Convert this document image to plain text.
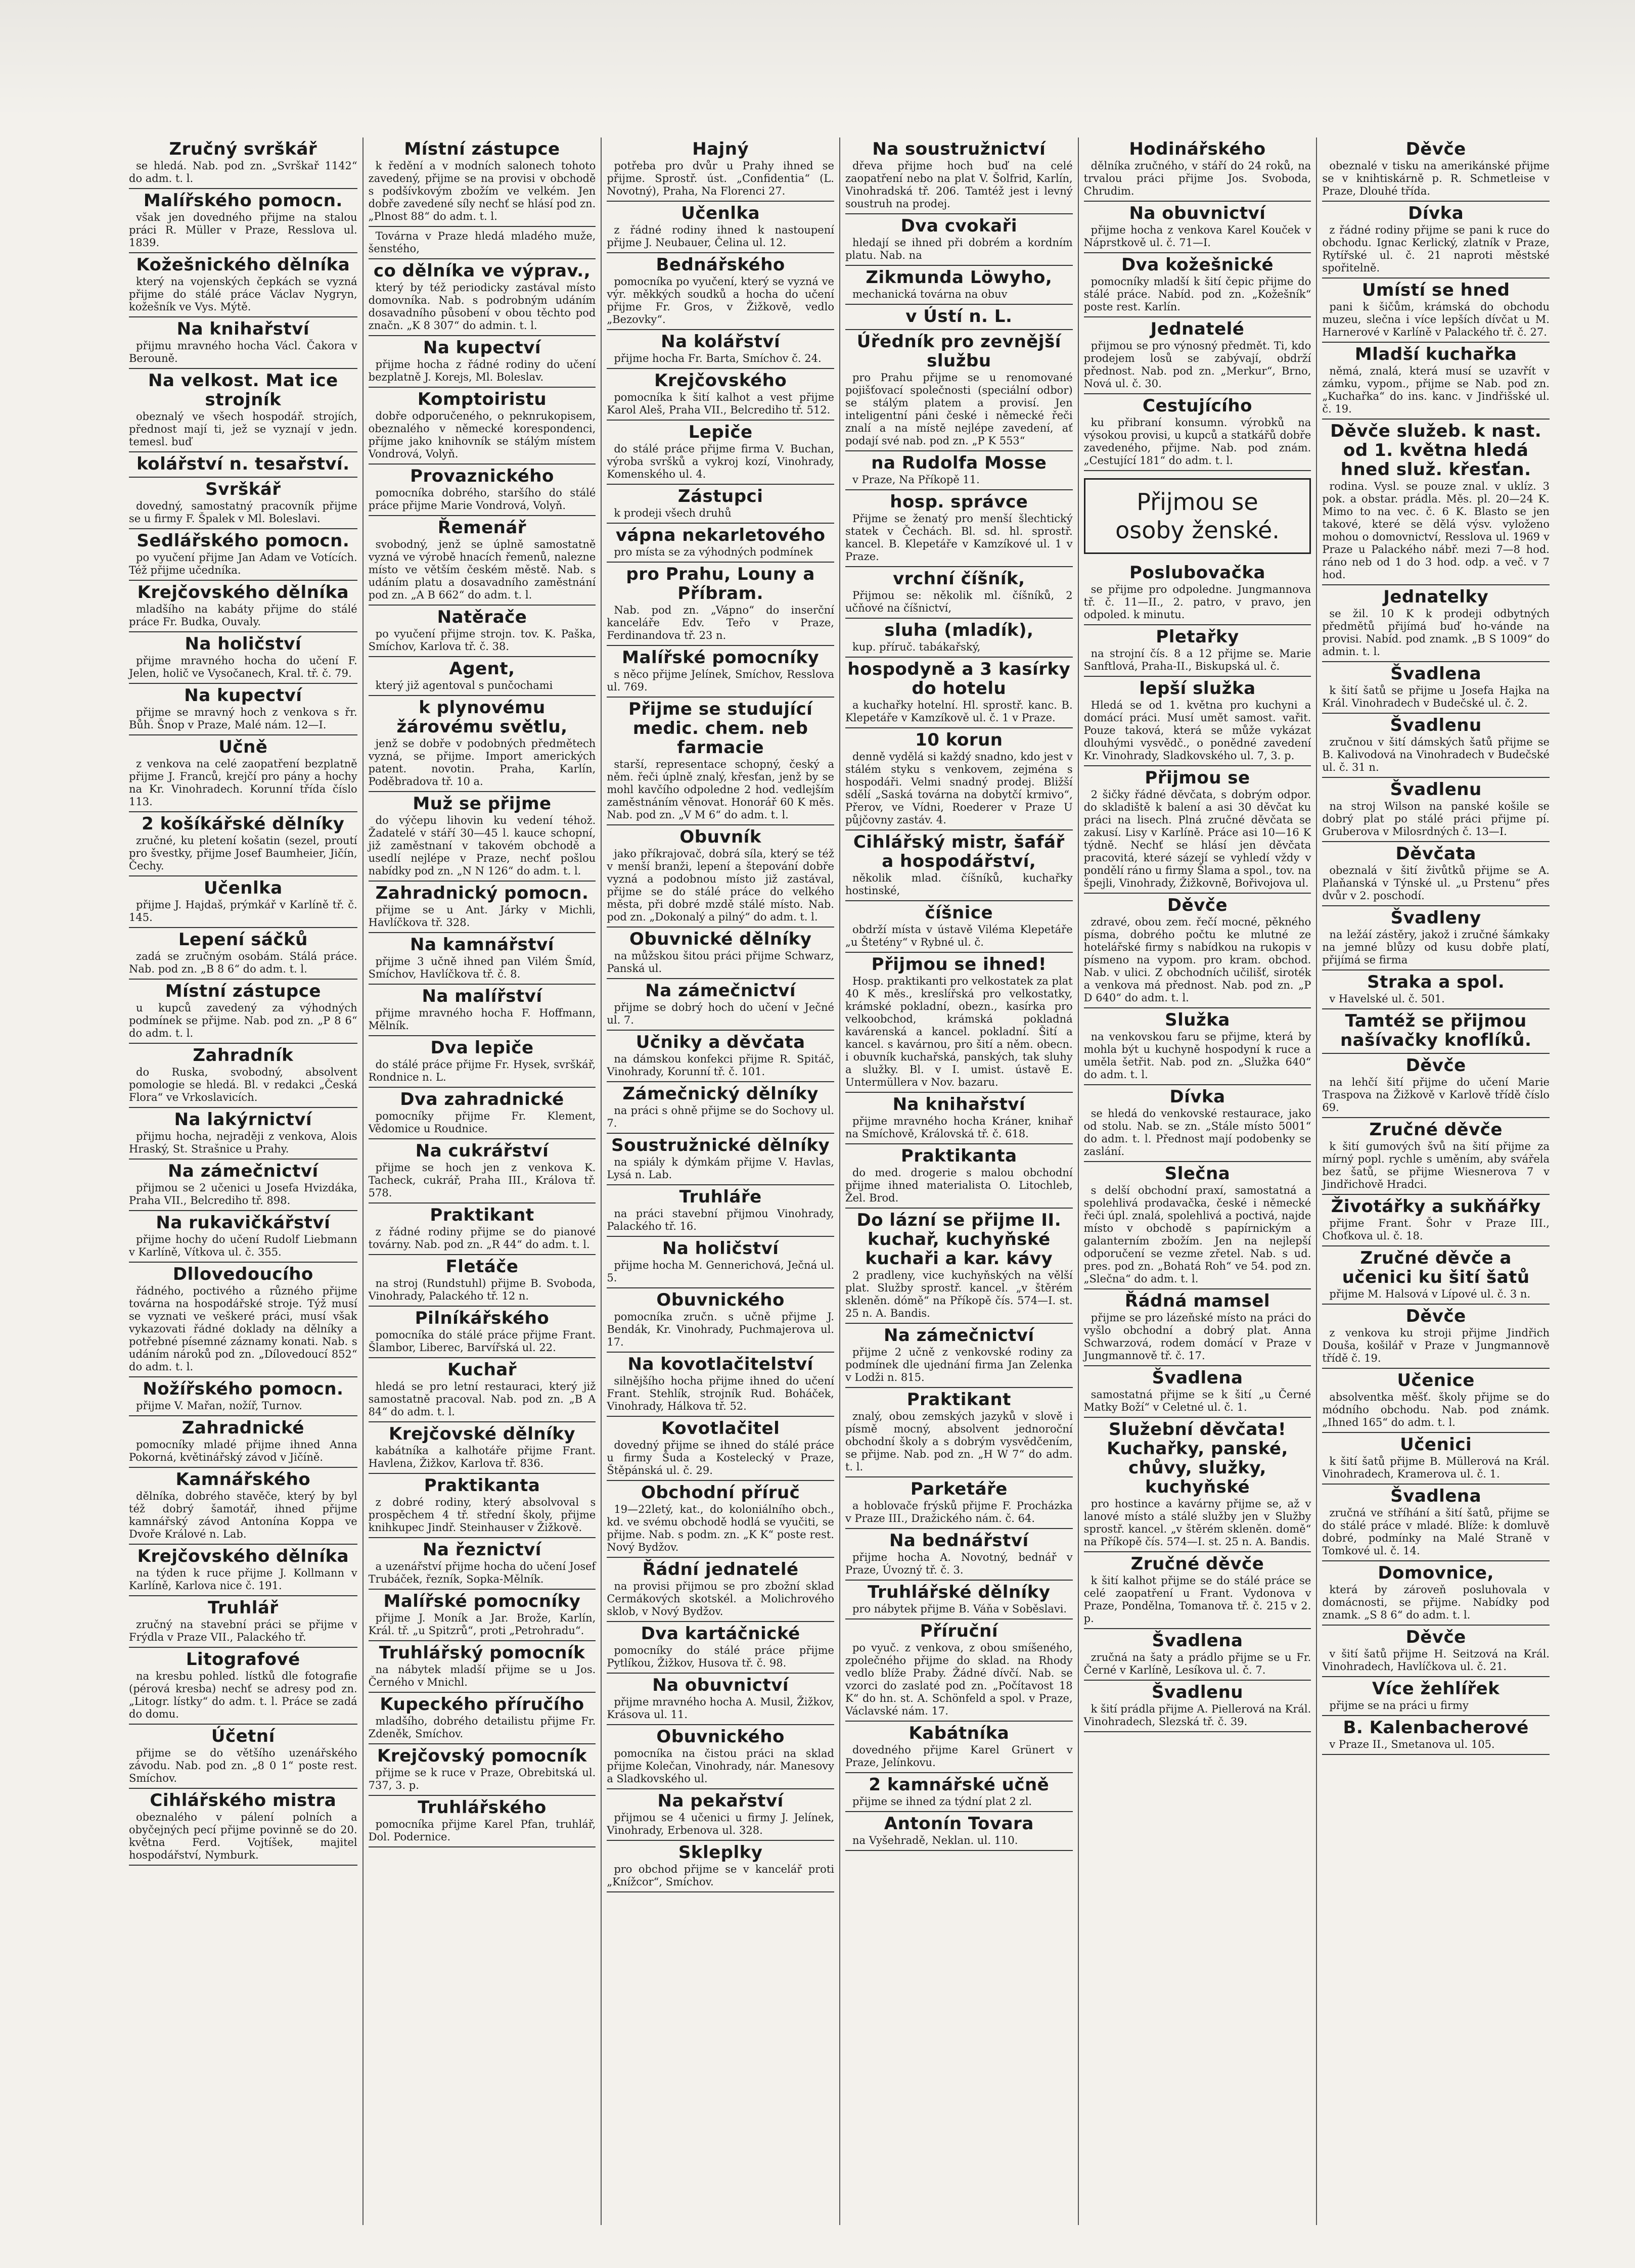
Zručný svrškář

se hledá. Nab. pod zn. „Svrškař 1142“ do adm. t. l.

Malířského pomocn.

však jen dovedného přijme na stalou práci R. Müller v Praze, Resslova ul. 1839.

Kožešnického dělníka

který na vojenských čepkách se vyzná přijme do stálé práce Václav Nygryn, kožešník ve Vys. Mýtě.

Na knihařství

přijmu mravného hocha Václ. Čakora v Berouně.

Na velkost. Mat ice strojník

obeznalý ve všech hospodář. strojích, přednost mají ti, jež se vyznají v jedn. temesl. buď

kolářství n. tesařství.
Svrškář

dovedný, samostatný pracovník přijme se u firmy F. Špalek v Ml. Boleslavi.

Sedlářského pomocn.

po vyučení přijme Jan Adam ve Votících. Též přijme učedníka.

Krejčovského dělníka

mladšího na kabáty přijme do stálé práce Fr. Budka, Ouvaly.

Na holičství

přijme mravného hocha do učení F. Jelen, holič ve Vysočanech, Kral. tř. č. 79.

Na kupectví

přijme se mravný hoch z venkova s řr. Bůh. Šnop v Praze, Malé nám. 12—I.

Učně

z venkova na celé zaopatření bezplatně přijme J. Franců, krejčí pro pány a hochy na Kr. Vinohradech. Korunní třída číslo 113.

2 košíkářské dělníky

zručné, ku pletení košatin (sezel, proutí pro švestky, přijme Josef Baumheier, Jičín, Čechy.

Učenlka

přijme J. Hajdaš, prýmkář v Karlíně tř. č. 145.

Lepení sáčků

zadá se zručným osobám. Stálá práce. Nab. pod zn. „B 8 6“ do adm. t. l.

Místní zástupce

u kupců zavedený za výhodných podmínek se přijme. Nab. pod zn. „P 8 6“ do adm. t. l.

Zahradník

do Ruska, svobodný, absolvent pomologie se hledá. Bl. v redakci „Česká Flora“ ve Vrkoslavicích.

Na lakýrnictví

přijmu hocha, nejraději z venkova, Alois Hraský, St. Strašnice u Prahy.

Na zámečnictví

přijmou se 2 učenici u Josefa Hvizdáka, Praha VII., Belcrediho tř. 898.

Na rukavičkářství

přijme hochy do učení Rudolf Liebmann v Karlíně, Vítkova ul. č. 355.

Dllovedoucího

řádného, poctivého a různého přijme továrna na hospodářské stroje. Týž musí se vyznati ve veškeré práci, musí však vykazovati řádné doklady na dělníky a potřebné písemné záznamy konati. Nab. s udáním nároků pod zn. „Dílovedoucí 852“ do adm. t. l.

Nožířského pomocn.

přijme V. Mařan, nožíř, Turnov.

Zahradnické

pomocníky mladé přijme ihned Anna Pokorná, květinářský závod v Jičíně.

Kamnářského

dělníka, dobrého stavěče, který by byl též dobrý šamotář, ihned přijme kamnářský závod Antonína Koppa ve Dvoře Králové n. Lab.

Krejčovského dělníka

na týden k ruce přijme J. Kollmann v Karlíně, Karlova nice č. 191.

Truhlář

zručný na stavební práci se přijme v Frýdla v Praze VII., Palackého tř.

Litografové

na kresbu pohled. lístků dle fotografie (pérová kresba) nechť se adresy pod zn. „Litogr. lístky“ do adm. t. l. Práce se zadá do domu.

Účetní

přijme se do většího uzenářského závodu. Nab. pod zn. „8 0 1“ poste rest. Smíchov.

Cihlářského mistra

obeznalého v pálení polních a obyčejných pecí přijme povinně se do 20. května Ferd. Vojtíšek, majitel hospodářství, Nymburk.

Místní zástupce

k ředění a v modních salonech tohoto zavedený, přijme se na provisi v obchodě s podšívkovým zbožím ve velkém. Jen dobře zavedené síly nechť se hlásí pod zn. „Plnost 88“ do adm. t. l.

Továrna v Praze hledá mladého muže, šenstého,

co dělníka ve výprav.,

který by též periodicky zastával místo domovníka. Nab. s podrobným udáním dosavadního působení v obou těchto pod značn. „K 8 307“ do admin. t. l.

Na kupectví

přijme hocha z řádné rodiny do učení bezplatně J. Korejs, Ml. Boleslav.

Komptoiristu

dobře odporučeného, o peknrukopisem, obeznalého v německé korespondenci, příjme jako knihovník se stálým místem Vondrová, Volyň.

Provaznického

pomocníka dobrého, staršího do stálé práce přijme Marie Vondrová, Volyň.

Řemenář

svobodný, jenž se úplně samostatně vyzná ve výrobě hnacích řemenů, nalezne místo ve větším českém městě. Nab. s udáním platu a dosavadního zaměstnání pod zn. „A B 662“ do adm. t. l.

Natěrače

po vyučení přijme strojn. tov. K. Paška, Smíchov, Karlova tř. č. 38.

Agent,

který již agentoval s punčochami

k plynovému žárovému světlu,

jenž se dobře v podobných předmětech vyzná, se přijme. Import amerických patent. novotin. Praha, Karlín, Poděbradova tř. 10 a.

Muž se přijme

do výčepu lihovin ku vedení téhož. Žadatelé v stáří 30—45 l. kauce schopní, již zaměstnaní v takovém obchodě a usedlí nejlépe v Praze, nechť pošlou nabídky pod zn. „N N 126“ do adm. t. l.

Zahradnický pomocn.

přijme se u Ant. Járky v Michli, Havlíčkova tř. 328.

Na kamnářství

přijme 3 učně ihned pan Vilém Šmíd, Smíchov, Havlíčkova tř. č. 8.

Na malířství

přijme mravného hocha F. Hoffmann, Mělník.

Dva lepiče

do stálé práce přijme Fr. Hysek, svrškář, Rondnice n. L.

Dva zahradnické

pomocníky přijme Fr. Klement, Vědomice u Roudnice.

Na cukrářství

přijme se hoch jen z venkova K. Tacheck, cukrář, Praha III., Králova tř. 578.

Praktikant

z řádné rodiny přijme se do pianové továrny. Nab. pod zn. „R 44“ do adm. t. l.

Fletáče

na stroj (Rundstuhl) přijme B. Svoboda, Vinohrady, Palackého tř. 12 n.

Pilníkářského

pomocníka do stálé práce přijme Frant. Šlambor, Liberec, Barvířská ul. 22.

Kuchař

hledá se pro letní restauraci, který již samostatně pracoval. Nab. pod zn. „B A 84“ do adm. t. l.

Krejčovské dělníky

kabátníka a kalhotáře přijme Frant. Havlena, Žižkov, Karlova tř. 836.

Praktikanta

z dobré rodiny, který absolvoval s prospěchem 4 tř. střední školy, přijme knihkupec Jindř. Steinhauser v Žižkově.

Na řeznictví

a uzenářství přijme hocha do učení Josef Trubáček, řezník, Sopka-Mělník.

Malířské pomocníky

přijme J. Moník a Jar. Brože, Karlín, Král. tř. „u Spitzrů“, proti „Petrohradu“.

Truhlářský pomocník

na nábytek mladší přijme se u Jos. Černého v Mnichl.

Kupeckého příručího

mladšího, dobrého detailistu přijme Fr. Zdeněk, Smíchov.

Krejčovský pomocník

přijme se k ruce v Praze, Obrebitská ul. 737, 3. p.

Truhlářského

pomocníka přijme Karel Pfan, truhlář, Dol. Podernice.

Hajný

potřeba pro dvůr u Prahy ihned se přijme. Sprostř. úst. „Confidentia“ (L. Novotný), Praha, Na Florenci 27.

Učenlka

z řádné rodiny ihned k nastoupení přijme J. Neubauer, Čelina ul. 12.

Bednářského

pomocníka po vyučení, který se vyzná ve výr. měkkých soudků a hocha do učení přijme Fr. Gros, v Žižkově, vedlo „Bezovky“.

Na kolářství

přijme hocha Fr. Barta, Smíchov č. 24.

Krejčovského

pomocníka k šití kalhot a vest přijme Karol Aleš, Praha VII., Belcrediho tř. 512.

Lepiče

do stálé práce přijme firma V. Buchan, výroba svršků a vykroj kozí, Vinohrady, Komenského ul. 4.

Zástupci

k prodeji všech druhů

vápna nekarletového

pro místa se za výhodných podmínek

pro Prahu, Louny a Příbram.

Nab. pod zn. „Vápno“ do inserční kanceláře Edv. Teřo v Praze, Ferdinandova tř. 23 n.

Malířské pomocníky

s něco přijme Jelínek, Smíchov, Resslova ul. 769.

Přijme se studující medic. chem. neb farmacie

starší, representace schopný, český a něm. řeči úplně znalý, křesťan, jenž by se mohl kavčího odpoledne 2 hod. vedlejším zaměstnáním věnovat. Honorář 60 K měs. Nab. pod zn. „V M 6“ do adm. t. l.

Obuvník

jako příkrajovač, dobrá síla, který se též v menší branži, lepení a štepování dobře vyzná a podobnou místo již zastával, přijme se do stálé práce do velkého města, při dobré mzdě stálé místo. Nab. pod zn. „Dokonalý a pilný“ do adm. t. l.

Obuvnické dělníky

na můžskou šitou práci přijme Schwarz, Panská ul.

Na zámečnictví

přijme se dobrý hoch do učení v Ječné ul. 7.

Učniky a děvčata

na dámskou konfekci přijme R. Spitáč, Vinohrady, Korunní tř. č. 101.

Zámečnický dělníky

na práci s ohně přijme se do Sochovy ul. 7.

Soustružnické dělníky

na spiály k dýmkám přijme V. Havlas, Lysá n. Lab.

Truhláře

na práci stavební přijmou Vinohrady, Palackého tř. 16.

Na holičství

přijme hocha M. Gennerichová, Ječná ul. 5.

Obuvnického

pomocníka zručn. s učně přijme J. Bendák, Kr. Vinohrady, Puchmajerova ul. 17.

Na kovotlačitelství

silnějšího hocha přijme ihned do učení Frant. Stehlík, strojník Rud. Boháček, Vinohrady, Hálkova tř. 52.

Kovotlačitel

dovedný přijme se ihned do stálé práce u firmy Šuda a Kostelecký v Praze, Štěpánská ul. č. 29.

Obchodní příruč

19—22letý, kat., do koloniálního obch., kd. ve svému obchodě hodlá se vyučiti, se přijme. Nab. s podm. zn. „K K“ poste rest. Nový Bydžov.

Řádní jednatelé

na provisi přijmou se pro zbožní sklad Cermákových skotskél. a Molichrového sklob, v Nový Bydžov.

Dva kartáčnické

pomocníky do stálé práce přijme Pytlíkou, Žižkov, Husova tř. č. 98.

Na obuvnictví

přijme mravného hocha A. Musil, Žižkov, Krásova ul. 11.

Obuvnického

pomocníka na čistou práci na sklad přijme Kolečan, Vinohrady, nár. Manesovy a Sladkovského ul.

Na pekařství

přijmou se 4 učenici u firmy J. Jelínek, Vinohrady, Erbenova ul. 328.

Skleplky

pro obchod přijme se v kancelář proti „Knížcor“, Smíchov.

Na soustružnictví

dřeva přijme hoch buď na celé zaopatření nebo na plat V. Šolfrid, Karlín, Vinohradská tř. 206. Tamtéž jest i levný soustruh na prodej.

Dva cvokaři

hledají se ihned při dobrém a kordním platu. Nab. na

Zikmunda Löwyho,

mechanická továrna na obuv

v Ústí n. L.
Úředník pro zevnější službu

pro Prahu přijme se u renomované pojišťovací společnosti (speciální odbor) se stálým platem a provisí. Jen inteligentní páni české i německé řeči znalí a na místě nejlépe zavedení, ať podají své nab. pod zn. „P K 553“

na Rudolfa Mosse

v Praze, Na Příkopě 11.

hosp. správce

Přijme se ženatý pro menší šlechtický statek v Čechách. Bl. sd. hl. sprostř. kancel. B. Klepetáře v Kamzíkové ul. 1 v Praze.

vrchní číšník,

Přijmou se: několik ml. číšníků, 2 učňové na číšnictví,

sluha (mladík),

kup. příruč. tabákařský,

hospodyně a 3 kasírky do hotelu

a kuchařky hotelní. Hl. sprostř. kanc. B. Klepetáře v Kamzíkově ul. č. 1 v Praze.

10 korun

denně vydělá si každý snadno, kdo jest v stálém styku s venkovem, zejména s hospodáři. Velmi snadný prodej. Bližší sdělí „Saská továrna na dobytčí krmivo“, Přerov, ve Vídni, Roederer v Praze U půjčovny zastáv. 4.

Cihlářský mistr, šafář a hospodářství,

několik mlad. číšníků, kuchařky hostinské,

číšnice

obdrží místa v ústavě Viléma Klepetáře „u Štetény“ v Rybné ul. č.

Přijmou se ihned!

Hosp. praktikanti pro velkostatek za plat 40 K měs., kreslířská pro velkostatky, krámské pokladní, obezn., kasírka pro velkoobchod, krámská pokladná kavárenská a kancel. pokladní. Šití a kancel. s kavárnou, pro šití a něm. obecn. i obuvník kuchařská, panských, tak sluhy a služky. Bl. v I. umist. ústavě E. Untermüllera v Nov. bazaru.

Na knihařství

přijme mravného hocha Kráner, knihař na Smíchově, Královská tř. č. 618.

Praktikanta

do med. drogerie s malou obchodní přijme ihned materialista O. Litochleb, Žel. Brod.

Do lázní se přijme II. kuchař, kuchyňské kuchaři a kar. kávy

2 pradleny, vice kuchyňských na vělší plat. Služby sprostř. kancel. „v štěrém skleněn. dómě“ na Příkopě čís. 574—I. st. 25 n. A. Bandis.

Na zámečnictví

přijme 2 učně z venkovské rodiny za podmínek dle ujednání firma Jan Zelenka v Lodži n. 815.

Praktikant

znalý, obou zemských jazyků v slově i písmě mocný, absolvent jednoroční obchodní školy a s dobrým vysvědčením, se přijme. Nab. pod zn. „H W 7“ do adm. t. l.

Parketáře

a hoblovače frýsků přijme F. Procházka v Praze III., Dražického nám. č. 64.

Na bednářství

přijme hocha A. Novotný, bednář v Praze, Úvozný tř. č. 3.

Truhlářské dělníky

pro nábytek přijme B. Váňa v Soběslavi.

Příruční

po vyuč. z venkova, z obou smíšeného, zpolečného přijme do sklad. na Rhody vedlo blíže Praby. Žádné dívčí. Nab. se vzorci do zaslaté pod zn. „Počítavost 18 K“ do hn. st. A. Schönfeld a spol. v Praze, Václavské nám. 17.

Kabátníka

dovedného přijme Karel Grünert v Praze, Jelínkovu.

2 kamnářské učně

přijme se ihned za týdní plat 2 zl.

Antonín Tovara

na Vyšehradě, Neklan. ul. 110.

Hodinářského

dělníka zručného, v stáří do 24 roků, na trvalou práci přijme Jos. Svoboda, Chrudim.

Na obuvnictví

přijme hocha z venkova Karel Kouček v Náprstkově ul. č. 71—I.

Dva kožešnické

pomocníky mladší k šití čepic přijme do stálé práce. Nabíd. pod zn. „Kožešník“ poste rest. Karlín.

Jednatelé

přijmou se pro výnosný předmět. Ti, kdo prodejem losů se zabývají, obdrží přednost. Nab. pod zn. „Merkur“, Brno, Nová ul. č. 30.

Cestujícího

ku přibraní konsumn. výrobků na výsokou provisi, u kupců a statkářů dobře zavedeného, přijme. Nab. pod znám. „Cestující 181“ do adm. t. l.

Přijmou se
osoby ženské.
Poslubovačka

se přijme pro odpoledne. Jungmannova tř. č. 11—II., 2. patro, v pravo, jen odpoled. k minutu.

Pletařky

na strojní čís. 8 a 12 přijme se. Marie Sanftlová, Praha-II., Biskupská ul. č.

lepší služka

Hledá se od 1. května pro kuchyni a domácí práci. Musí umět samost. vařit. Pouze taková, která se může vykázat dlouhými vysvědč., o ponědné zavedení Kr. Vinohrady, Sladkovského ul. 7, 3. p.

Přijmou se

2 šičky řádné děvčata, s dobrým odpor. do skladiště k balení a asi 30 děvčat ku práci na lisech. Plná zručné děvčata se zakusí. Lisy v Karlíně. Práce asi 10—16 K týdně. Nechť se hlásí jen děvčata pracovitá, které sázejí se vyhledí vždy v pondělí ráno u firmy Šlama a spol., tov. na špejli, Vinohrady, Žižkovně, Bořivojova ul.

Děvče

zdravé, obou zem. řečí mocné, pěkného písma, dobrého počtu ke mlutné ze hotelářské firmy s nabídkou na rukopis v písmeno na vypom. pro kram. obchod. Nab. v ulici. Z obchodních učilišť, siroték a venkova má přednost. Nab. pod zn. „P D 640“ do adm. t. l.

Služka

na venkovskou faru se přijme, která by mohla být u kuchyně hospodyní k ruce a uměla šetřit. Nab. pod zn. „Služka 640“ do adm. t. l.

Dívka

se hledá do venkovské restaurace, jako od stolu. Nab. se zn. „Stále místo 5001“ do adm. t. l. Přednost mají podobenky se zaslání.

Slečna

s delší obchodní praxí, samostatná a spolehlivá prodavačka, české i německé řeči úpl. znalá, spolehlivá a poctivá, najde místo v obchodě s papírnickým a galanterním zbožím. Jen na nejlepší odporučení se vezme zřetel. Nab. s ud. pres. pod zn. „Bohatá Roh“ ve 54. pod zn. „Slečna“ do adm. t. l.

Řádná mamsel

přijme se pro lázeňské místo na práci do vyšlo obchodní a dobrý plat. Anna Schwarzová, rodem domácí v Praze v Jungmannově tř. č. 17.

Švadlena

samostatná přijme se k šití „u Černé Matky Boží“ v Celetné ul. č. 1.

Služební děvčata! Kuchařky, panské, chůvy, služky, kuchyňské

pro hostince a kavárny přijme se, až v lanové místo a stálé služby jen v Služby sprostř. kancel. „v štěrém skleněn. domě“ na Příkopě čís. 574—I. st. 25 n. A. Bandis.

Zručné děvče

k šití kalhot přijme se do stálé práce se celé zaopatření u Frant. Vydonova v Praze, Pondělna, Tomanova tř. č. 215 v 2. p.

Švadlena

zručná na šaty a prádlo přijme se u Fr. Černé v Karlíně, Lesíkova ul. č. 7.

Švadlenu

k šití prádla přijme A. Piellerová na Král. Vinohradech, Slezská tř. č. 39.

Děvče

obeznalé v tisku na amerikánské přijme se v knihtiskárně p. R. Schmetleise v Praze, Dlouhé třída.

Dívka

z řádné rodiny přijme se pani k ruce do obchodu. Ignac Kerlický, zlatník v Praze, Rytířské ul. č. 21 naproti městské spořitelně.

Umístí se hned

pani k šičům, krámská do obchodu muzeu, slečna i více lepších dívčat u M. Harnerové v Karlíně v Palackého tř. č. 27.

Mladší kuchařka

němá, znalá, která musí se uzavřít v zámku, vypom., přijme se Nab. pod zn. „Kuchařka“ do ins. kanc. v Jindřišské ul. č. 19.

Děvče služeb. k nast. od 1. května hledá hned služ. křesťan.

rodina. Vysl. se pouze znal. v uklíz. 3 pok. a obstar. prádla. Měs. pl. 20—24 K. Mimo to na vec. č. 6 K. Blasto se jen takové, které se dělá výsv. vyloženo mohou o domovnictví, Resslova ul. 1969 v Praze u Palackého nábř. mezi 7—8 hod. ráno neb od 1 do 3 hod. odp. a več. v 7 hod.

Jednatelky

se žil. 10 K k prodeji odbytných předmětů přijímá buď ho-vánde na provisi. Nabíd. pod znamk. „B S 1009“ do admin. t. l.

Švadlena

k šití šatů se přijme u Josefa Hajka na Král. Vinohradech v Budečské ul. č. 2.

Švadlenu

zručnou v šití dámských šatů přijme se B. Kalivodová na Vinohradech v Budečské ul. č. 31 n.

Švadlenu

na stroj Wilson na panské košile se dobrý plat po stálé práci přijme pí. Gruberova v Milosrdných č. 13—I.

Děvčata

obeznalá v šití živůtků přijme se A. Plaňanská v Týnské ul. „u Prstenu“ přes dvůr v 2. poschodí.

Švadleny

na ležáí zástěry, jakož i zručné šámkaky na jemné blůzy od kusu dobře platí, přijímá se firma

Straka a spol.

v Havelské ul. č. 501.

Tamtéž se přijmou našívačky knoflíků.
Děvče

na lehčí šití přijme do učení Marie Traspova na Žižkově v Karlově třídě číslo 69.

Zručné děvče

k šití gumových švů na šití přijme za mírný popl. rychle s uměním, aby svářela bez šatů, se přijme Wiesnerova 7 v Jindřichově Hradci.

Životářky a sukňářky

přijme Frant. Šohr v Praze III., Choťkova ul. č. 18.

Zručné děvče a učenici ku šití šatů

přijme M. Halsová v Lípové ul. č. 3 n.

Děvče

z venkova ku stroji přijme Jindřich Douša, košilář v Praze v Jungmannově třídě č. 19.

Učenice

absolventka měšť. školy přijme se do módního obchodu. Nab. pod známk. „Ihned 165“ do adm. t. l.

Učenici

k šití šatů přijme B. Müllerová na Král. Vinohradech, Kramerova ul. č. 1.

Švadlena

zručná ve stříhání a šití šatů, přijme se do stálé práce v mladé. Blíže: k domluvě dobré, podmínky na Malé Straně v Tomkové ul. č. 14.

Domovnice,

která by zároveň posluhovala v domácnosti, se přijme. Nabídky pod znamk. „S 8 6“ do adm. t. l.

Děvče

v šití šatů přijme H. Seitzová na Král. Vinohradech, Havlíčkova ul. č. 21.

Více žehlířek

přijme se na práci u firmy

B. Kalenbacherové

v Praze II., Smetanova ul. 105.
